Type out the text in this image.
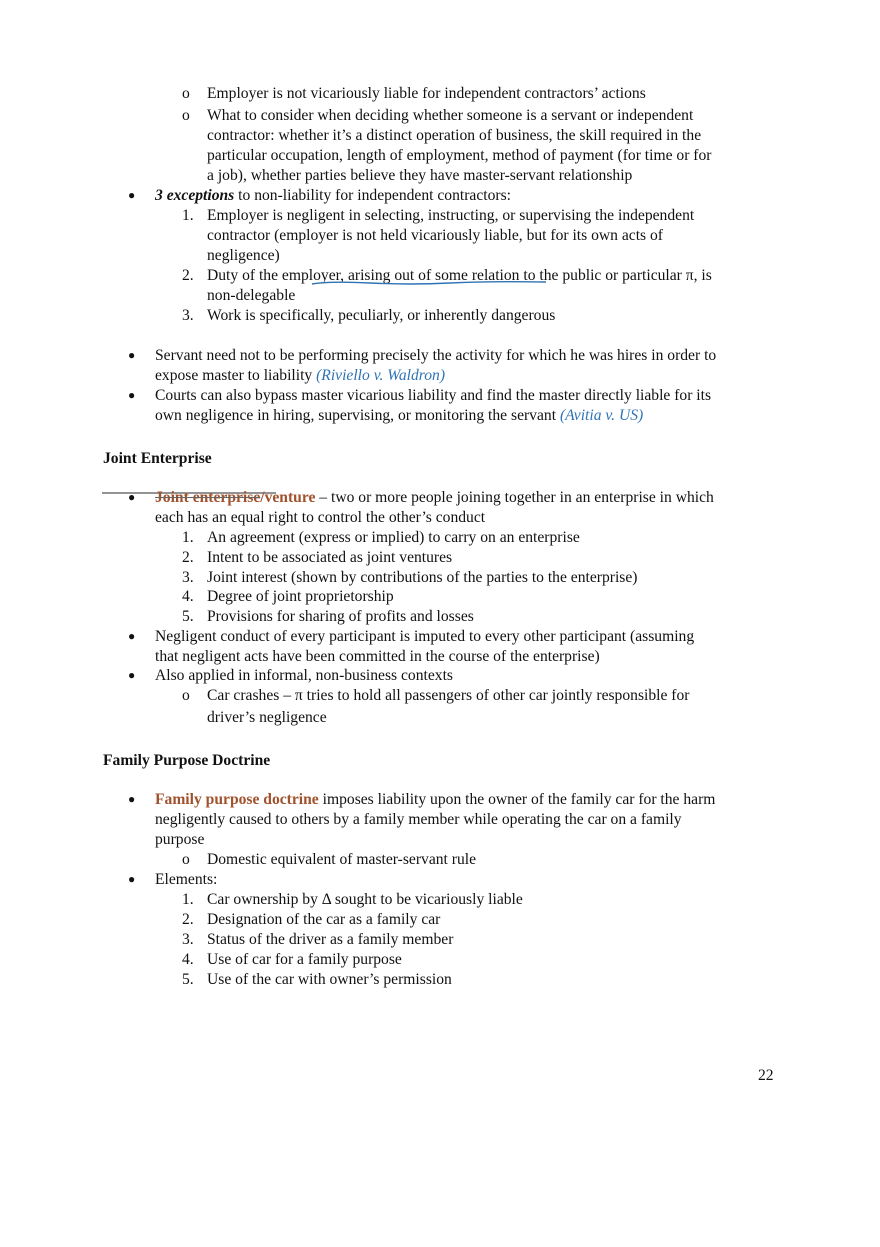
o Employer is not vicariously liable for independent contractors’ actions
o What to consider when deciding whether someone is a servant or independent
contractor: whether it’s a distinct operation of business, the skill required in the
particular occupation, length of employment, method of payment (for time or for
a job), whether parties believe they have master-servant relationship
● 3 exceptions to non-liability for independent contractors:
1. Employer is negligent in selecting, instructing, or supervising the independent
contractor (employer is not held vicariously liable, but for its own acts of
negligence)
2. Duty of the employer, arising out of some relation to the public or particular π, is
non-delegable
3. Work is specifically, peculiarly, or inherently dangerous
● Servant need not to be performing precisely the activity for which he was hires in order to
expose master to liability (Riviello v. Waldron)
● Courts can also bypass master vicarious liability and find the master directly liable for its
own negligence in hiring, supervising, or monitoring the servant (Avitia v. US)
Joint Enterprise
● Joint enterprise/venture – two or more people joining together in an enterprise in which
each has an equal right to control the other’s conduct
1. An agreement (express or implied) to carry on an enterprise
2. Intent to be associated as joint ventures
3. Joint interest (shown by contributions of the parties to the enterprise)
4. Degree of joint proprietorship
5. Provisions for sharing of profits and losses
● Negligent conduct of every participant is imputed to every other participant (assuming
that negligent acts have been committed in the course of the enterprise)
● Also applied in informal, non-business contexts
o Car crashes – π tries to hold all passengers of other car jointly responsible for
driver’s negligence
Family Purpose Doctrine
● Family purpose doctrine imposes liability upon the owner of the family car for the harm
negligently caused to others by a family member while operating the car on a family
purpose
o Domestic equivalent of master-servant rule
● Elements:
1. Car ownership by Δ sought to be vicariously liable
2. Designation of the car as a family car
3. Status of the driver as a family member
4. Use of car for a family purpose
5. Use of the car with owner’s permission
22
